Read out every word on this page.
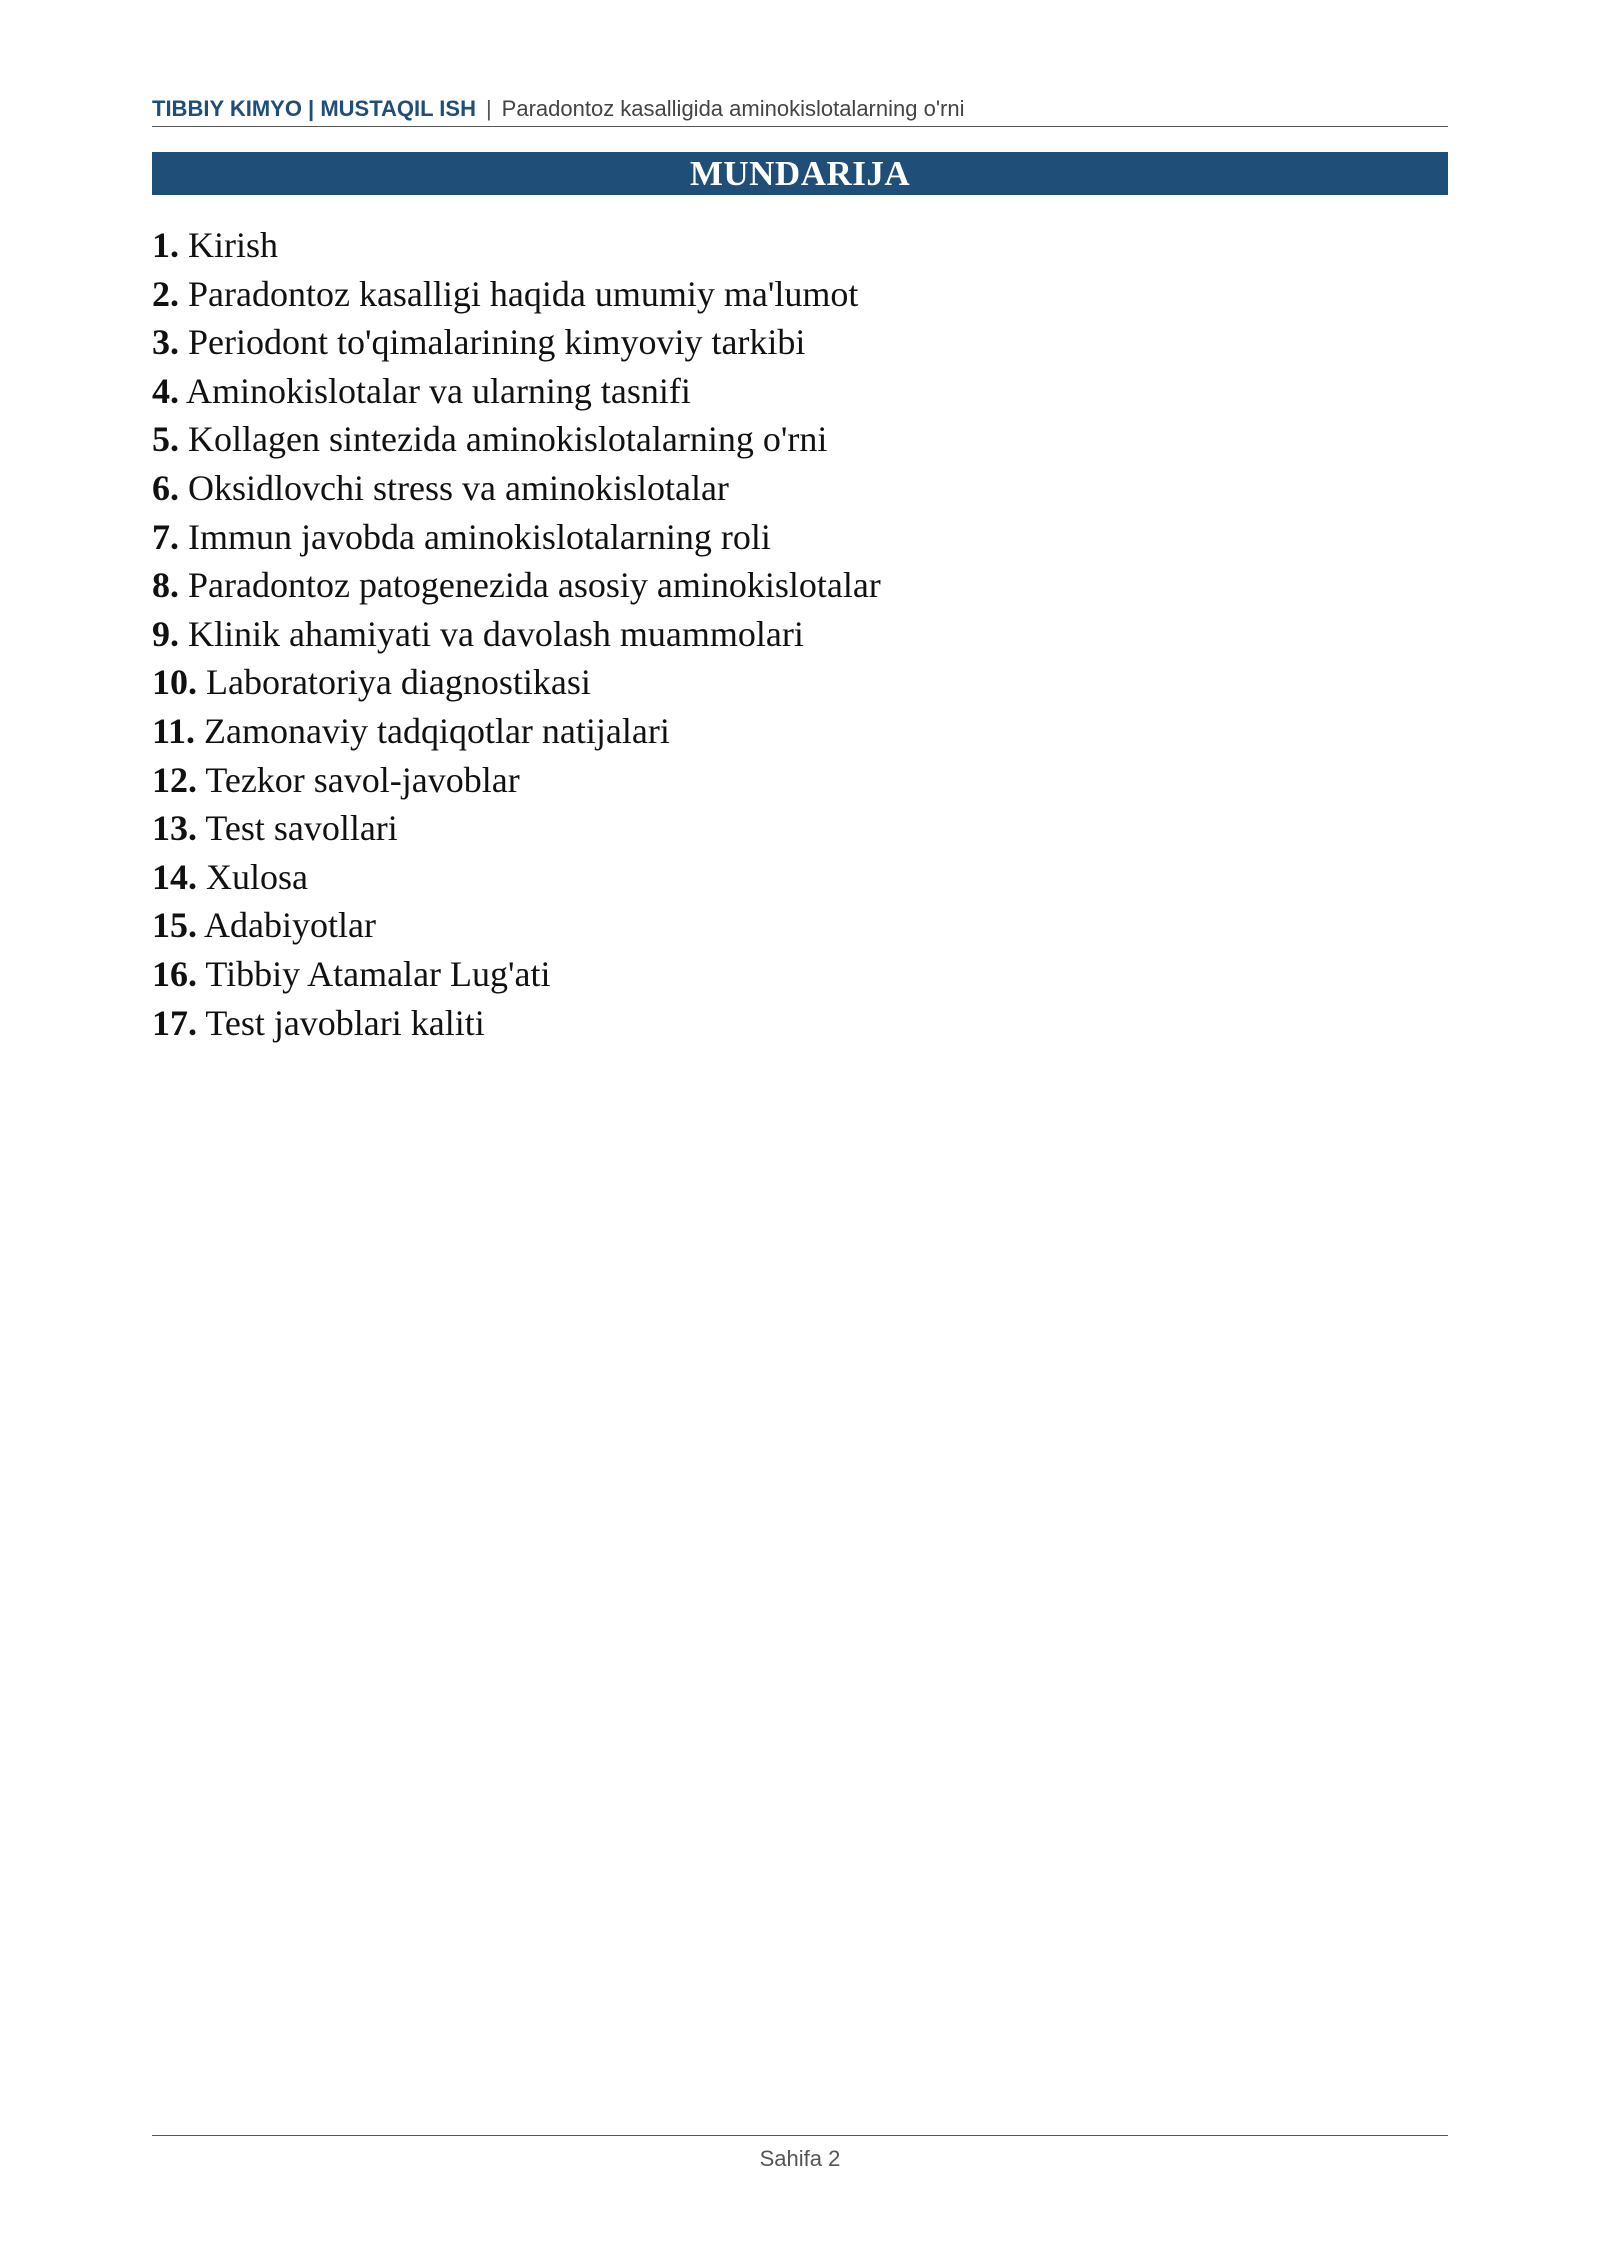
TIBBIY KIMYO | MUSTAQIL ISH | Paradontoz kasalligida aminokislotalarning o'rni
MUNDARIJA
1. Kirish
2. Paradontoz kasalligi haqida umumiy ma'lumot
3. Periodont to'qimalarining kimyoviy tarkibi
4. Aminokislotalar va ularning tasnifi
5. Kollagen sintezida aminokislotalarning o'rni
6. Oksidlovchi stress va aminokislotalar
7. Immun javobda aminokislotalarning roli
8. Paradontoz patogenezida asosiy aminokislotalar
9. Klinik ahamiyati va davolash muammolari
10. Laboratoriya diagnostikasi
11. Zamonaviy tadqiqotlar natijalari
12. Tezkor savol-javoblar
13. Test savollari
14. Xulosa
15. Adabiyotlar
16. Tibbiy Atamalar Lug'ati
17. Test javoblari kaliti
Sahifa 2
